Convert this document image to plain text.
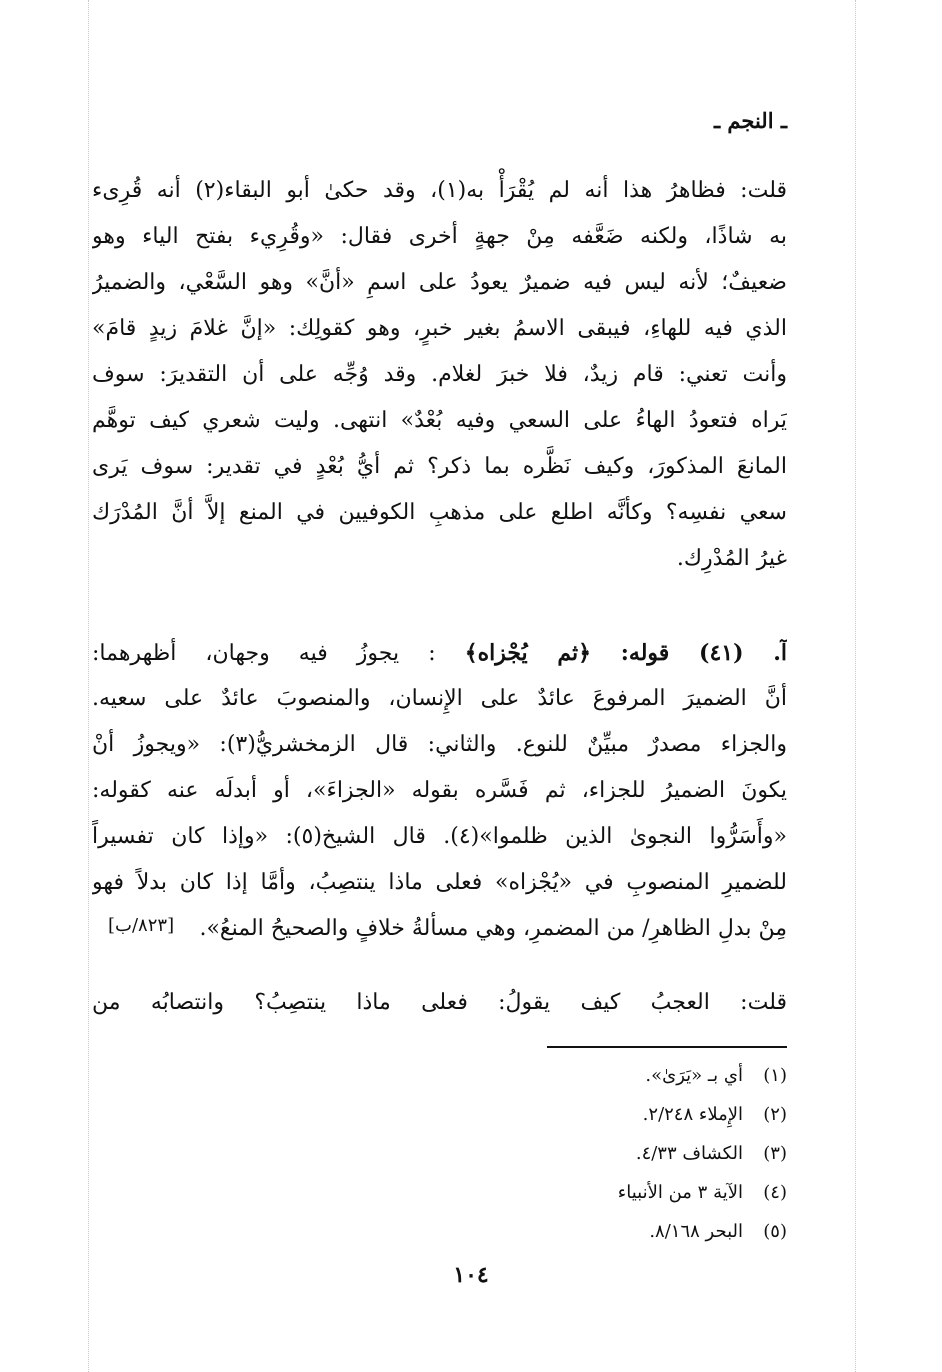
ـ النجم ـ
قلت: فظاهرُ هذا أنه لم يُقْرَأْ به(١)، وقد حكىٰ أبو البقاء(٢) أنه قُرِىء
به شاذًا، ولكنه ضَعَّفه مِنْ جهةٍ أخرى فقال: «وقُرِيء بفتح الياء وهو
ضعيفٌ؛ لأنه ليس فيه ضميرٌ يعودُ على اسمِ «أنَّ» وهو السَّعْي، والضميرُ
الذي فيه للهاءِ، فيبقى الاسمُ بغير خبرٍ، وهو كقولِك: «إنَّ غلامَ زيدٍ قامَ»
وأنت تعني: قام زيدٌ، فلا خبرَ لغلام. وقد وُجِّه على أن التقديرَ: سوف
يَراه فتعودُ الهاءُ على السعي وفيه بُعْدٌ» انتهى. وليت شعري كيف توهَّم
المانعَ المذكورَ، وكيف نَظَّره بما ذكر؟ ثم أيُّ بُعْدٍ في تقدير: سوف يَرى
سعي نفسِه؟ وكأنَّه اطلع على مذهبِ الكوفيين في المنع إلاَّ أنَّ المُدْرَك
غيرُ المُدْرِك.
آ. (٤١) قوله: ﴿ثم يُجْزاه﴾ : يجوزُ فيه وجهان، أظهرهما:
أنَّ الضميرَ المرفوعَ عائدٌ على الإِنسان، والمنصوبَ عائدٌ على سعيه.
والجزاء مصدرٌ مبيِّنٌ للنوع. والثاني: قال الزمخشريُّ(٣): «ويجوزُ أنْ
يكونَ الضميرُ للجزاء، ثم فَسَّره بقوله «الجزاءَ»، أو أبدلَه عنه كقوله:
«وأَسَرُّوا النجوىٰ الذين ظلموا»(٤). قال الشيخ(٥): «وإذا كان تفسيراً
للضميرِ المنصوبِ في «يُجْزاه» فعلى ماذا ينتصِبُ، وأمَّا إذا كان بدلاً فهو
مِنْ بدلِ الظاهرِ/ من المضمرِ، وهي مسألةُ خلافٍ والصحيحُ المنعُ».
[٨٢٣/ب]
قلت: العجبُ كيف يقولُ: فعلى ماذا ينتصِبُ؟ وانتصابُه من
(١)أي بـ «يَرَىٰ».
(٢)الإِملاء ٢/٢٤٨.
(٣)الكشاف ٤/٣٣.
(٤)الآية ٣ من الأنبياء
(٥)البحر ٨/١٦٨.
١٠٤
